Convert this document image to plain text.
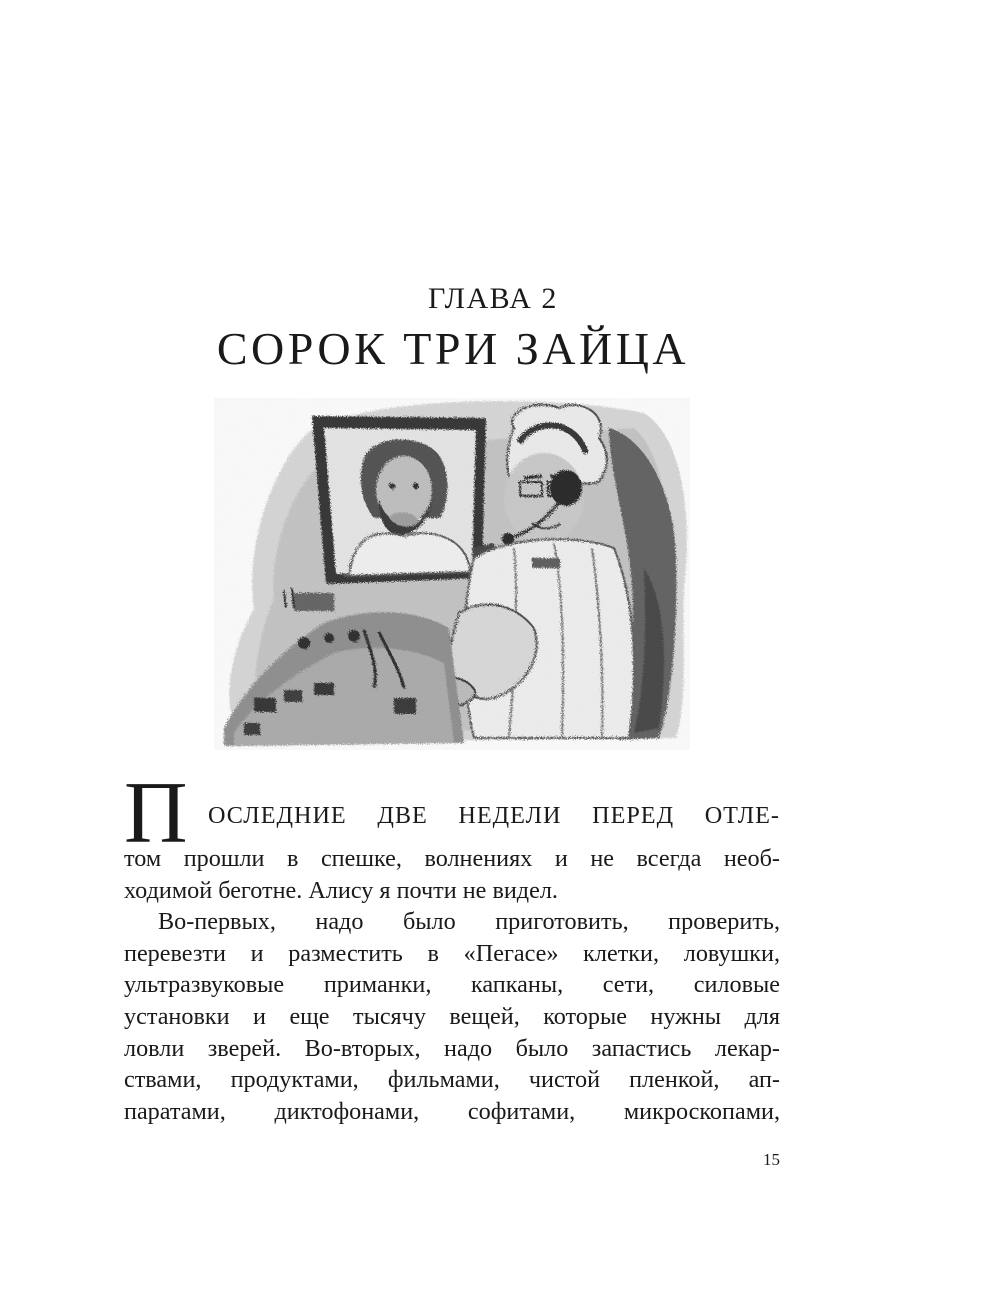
ГЛАВА 2
СОРОК ТРИ ЗАЙЦА
П ОСЛЕДНИЕ ДВЕ НЕДЕЛИ ПЕРЕД ОТЛЕ-
том прошли в спешке, волнениях и не всегда необ-
ходимой беготне. Алису я почти не видел.
Во-первых, надо было приготовить, проверить,
перевезти и разместить в «Пегасе» клетки, ловушки,
ультразвуковые приманки, капканы, сети, силовые
установки и еще тысячу вещей, которые нужны для
ловли зверей. Во-вторых, надо было запастись лекар-
ствами, продуктами, фильмами, чистой пленкой, ап-
паратами, диктофонами, софитами, микроскопами,
15
